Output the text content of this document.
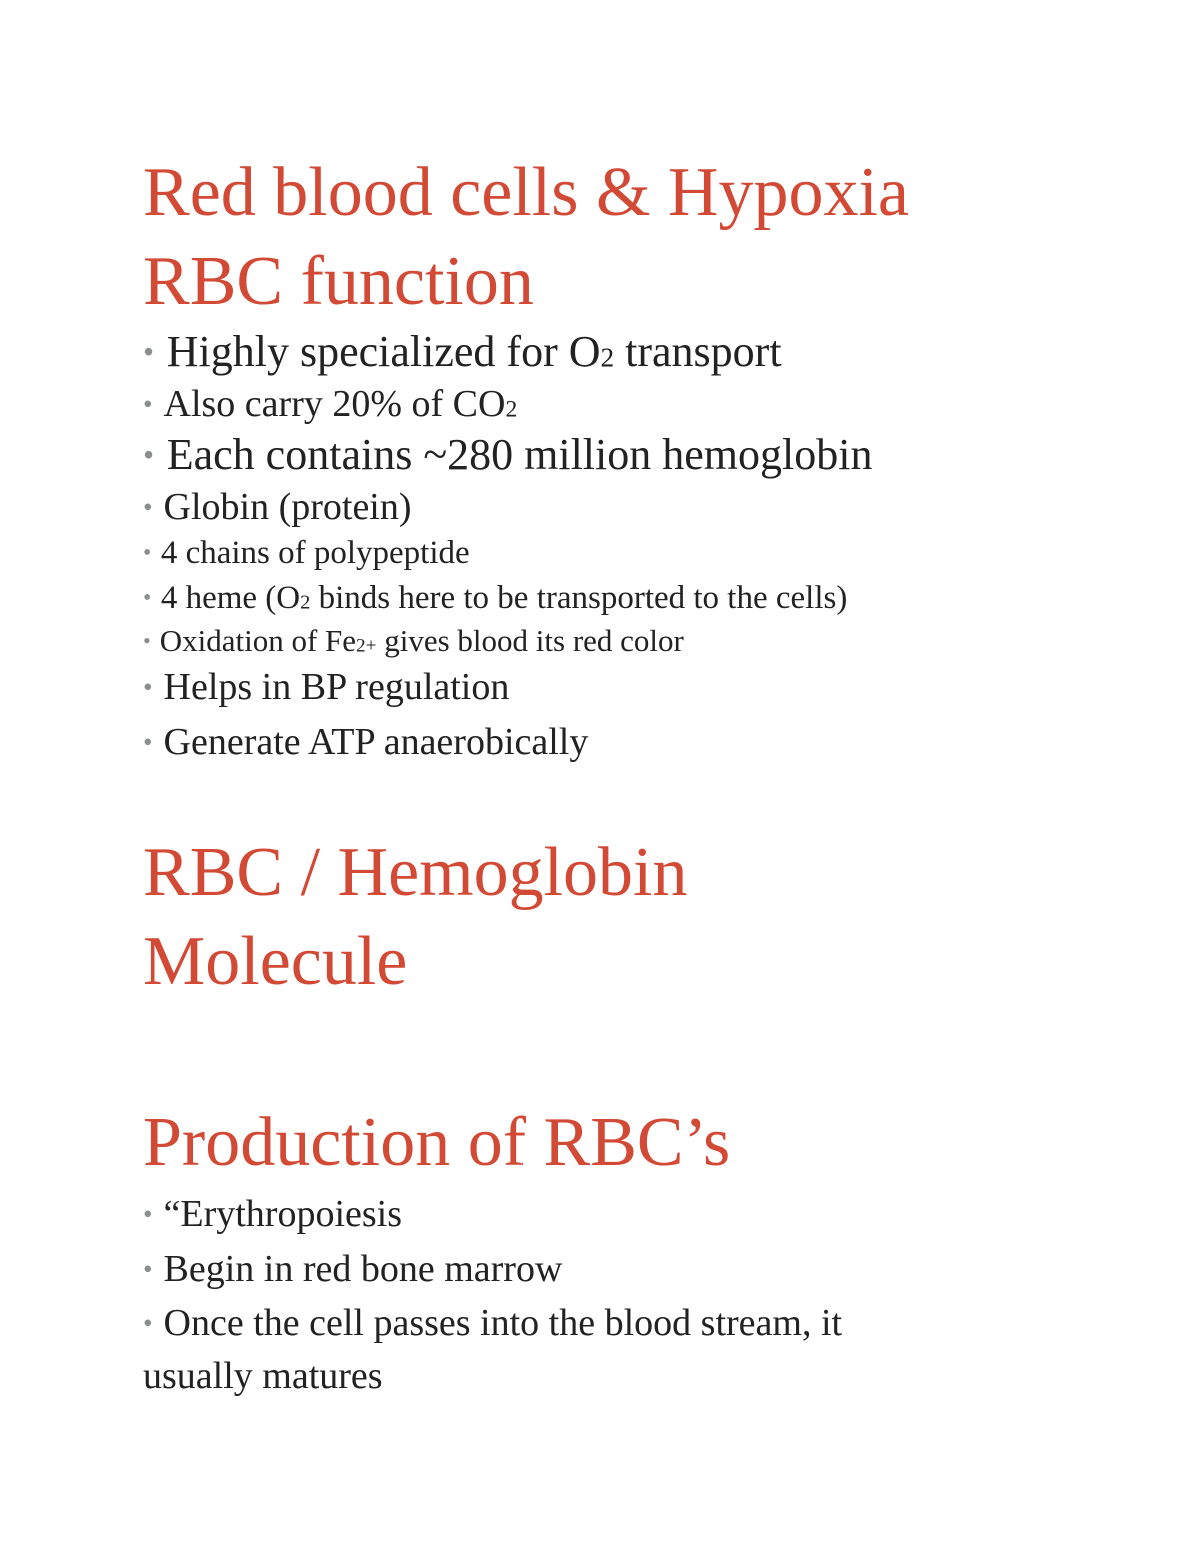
Red blood cells & Hypoxia
RBC function

• Highly specialized for O2 transport

• Also carry 20% of CO2

• Each contains ~280 million hemoglobin

• Globin (protein)

• 4 chains of polypeptide

• 4 heme (O2 binds here to be transported to the cells)

• Oxidation of Fe2+ gives blood its red color

• Helps in BP regulation

• Generate ATP anaerobically

RBC / Hemoglobin
Molecule
Production of RBC’s

• “Erythropoiesis

• Begin in red bone marrow

• Once the cell passes into the blood stream, it

usually matures
